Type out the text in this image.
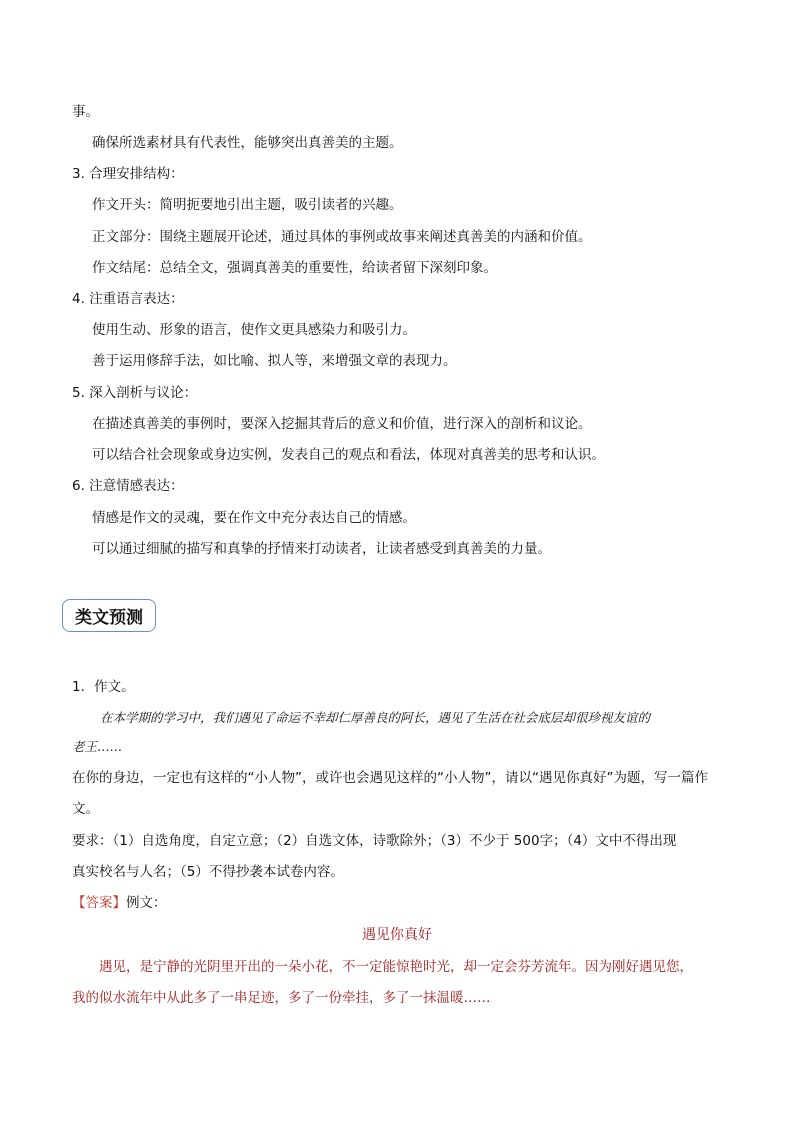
事。
确保所选素材具有代表性，能够突出真善美的主题。
3. 合理安排结构：
作文开头：简明扼要地引出主题，吸引读者的兴趣。
正文部分：围绕主题展开论述，通过具体的事例或故事来阐述真善美的内涵和价值。
作文结尾：总结全文，强调真善美的重要性，给读者留下深刻印象。
4. 注重语言表达：
使用生动、形象的语言，使作文更具感染力和吸引力。
善于运用修辞手法，如比喻、拟人等，来增强文章的表现力。
5. 深入剖析与议论：
在描述真善美的事例时，要深入挖掘其背后的意义和价值，进行深入的剖析和议论。
可以结合社会现象或身边实例，发表自己的观点和看法，体现对真善美的思考和认识。
6. 注意情感表达：
情感是作文的灵魂，要在作文中充分表达自己的情感。
可以通过细腻的描写和真挚的抒情来打动读者，让读者感受到真善美的力量。
类文预测
1．作文。
在本学期的学习中，我们遇见了命运不幸却仁厚善良的阿长，遇见了生活在社会底层却很珍视友谊的
老王……
在你的身边，一定也有这样的“小人物”，或许也会遇见这样的“小人物”，请以“遇见你真好”为题，写一篇作
文。
要求：（1）自选角度，自定立意；（2）自选文体，诗歌除外；（3）不少于 500字；（4）文中不得出现
真实校名与人名；（5）不得抄袭本试卷内容。
【答案】例文：
遇见你真好
遇见，是宁静的光阴里开出的一朵小花，不一定能惊艳时光，却一定会芬芳流年。因为刚好遇见您，
我的似水流年中从此多了一串足迹，多了一份牵挂，多了一抹温暖……
